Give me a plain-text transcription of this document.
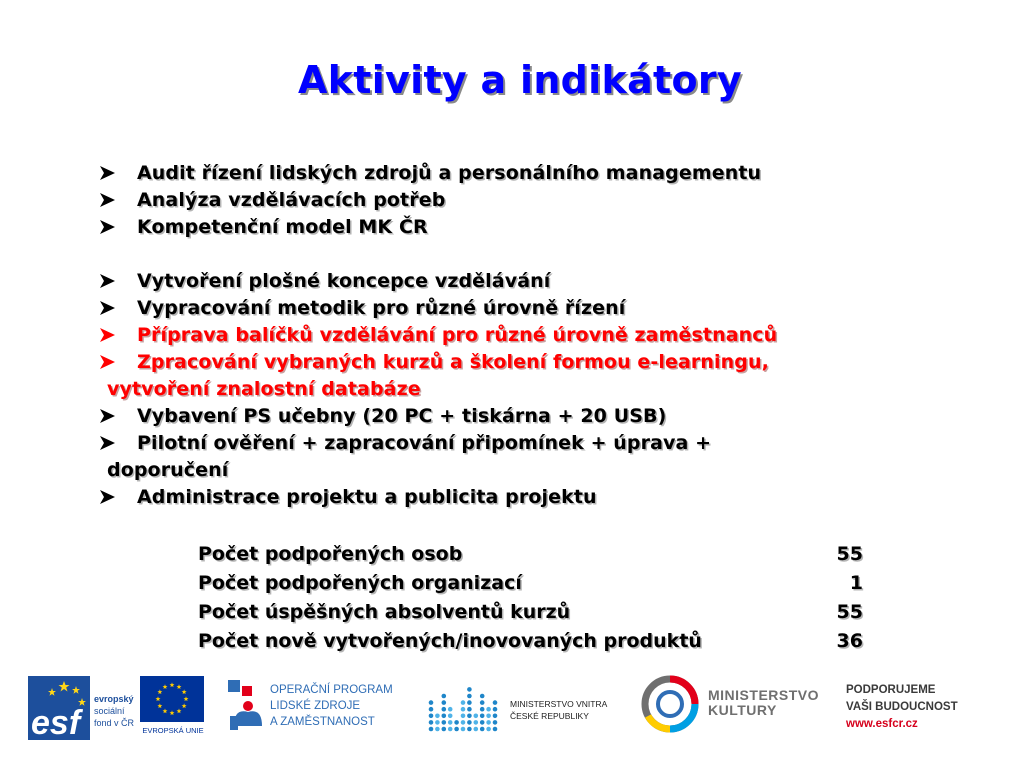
Aktivity a indikátory
Audit řízení lidských zdrojů a personálního managementu
Analýza vzdělávacích potřeb
Kompetenční model MK ČR
Vytvoření plošné koncepce vzdělávání
Vypracování metodik pro různé úrovně řízení
Příprava balíčků vzdělávání pro různé úrovně zaměstnanců
Zpracování vybraných kurzů a školení formou e-learningu,
vytvoření znalostní databáze
Vybavení PS učebny (20 PC + tiskárna + 20 USB)
Pilotní ověření + zapracování připomínek + úprava +
doporučení
Administrace projektu a publicita projektu
Počet podpořených osob	55
Počet podpořených organizací	1
Počet úspěšných absolventů kurzů	55
Počet nově vytvořených/inovovaných produktů	36
esf
evropský
sociální
fond v ČR
EVROPSKÁ UNIE
OPERAČNÍ PROGRAM
LIDSKÉ ZDROJE
A ZAMĚSTNANOST
MINISTERSTVO VNITRA
ČESKÉ REPUBLIKY
MINISTERSTVO
KULTURY
PODPORUJEME
VAŠI BUDOUCNOST
www.esfcr.cz
